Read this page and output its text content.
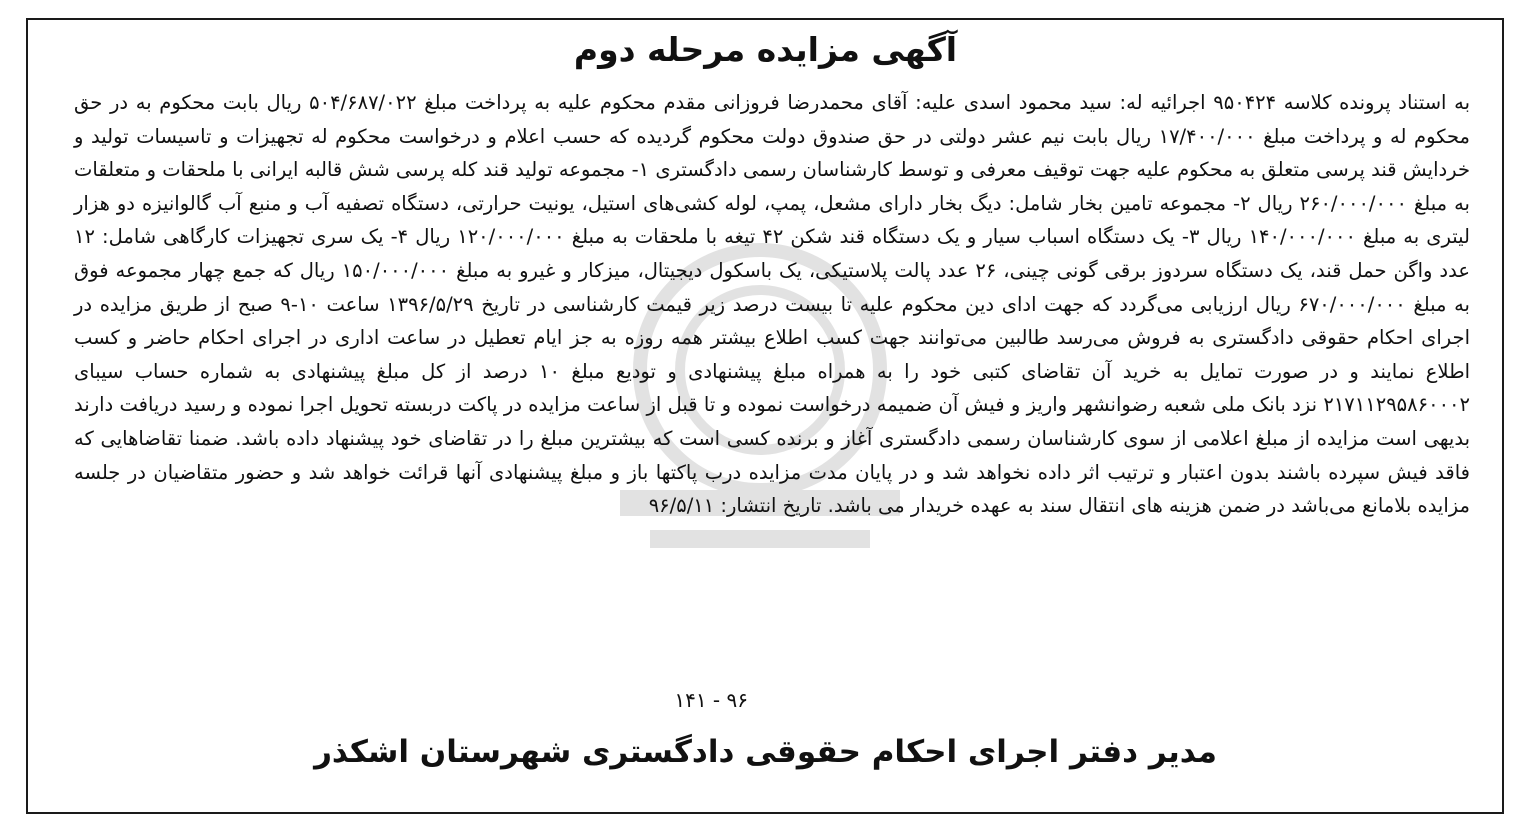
آگهی مزایده مرحله دوم

به استناد پرونده کلاسه ۹۵۰۴۲۴ اجرائیه له: سید محمود اسدی علیه: آقای محمدرضا فروزانی مقدم محکوم علیه به پرداخت مبلغ ۵۰۴/۶۸۷/۰۲۲ ریال بابت محکوم به در حق محکوم له و پرداخت مبلغ ۱۷/۴۰۰/۰۰۰ ریال بابت نیم عشر دولتی در حق صندوق دولت محکوم گردیده که حسب اعلام و درخواست محکوم له تجهیزات و تاسیسات تولید و خردایش قند پرسی متعلق به محکوم علیه جهت توقیف معرفی و توسط کارشناسان رسمی دادگستری ۱- مجموعه تولید قند کله پرسی شش قالبه ایرانی با ملحقات و متعلقات به مبلغ ۲۶۰/۰۰۰/۰۰۰ ریال ۲- مجموعه تامین بخار شامل: دیگ بخار دارای مشعل، پمپ، لوله کشی‌های استیل، یونیت حرارتی، دستگاه تصفیه آب و منبع آب گالوانیزه دو هزار لیتری به مبلغ ۱۴۰/۰۰۰/۰۰۰ ریال ۳- یک دستگاه اسباب سیار و یک دستگاه قند شکن ۴۲ تیغه با ملحقات به مبلغ ۱۲۰/۰۰۰/۰۰۰ ریال ۴- یک سری تجهیزات کارگاهی شامل: ۱۲ عدد واگن حمل قند، یک دستگاه سردوز برقی گونی چینی، ۲۶ عدد پالت پلاستیکی، یک باسکول دیجیتال، میزکار و غیرو به مبلغ ۱۵۰/۰۰۰/۰۰۰ ریال که جمع چهار مجموعه فوق به مبلغ ۶۷۰/۰۰۰/۰۰۰ ریال ارزیابی می‌گردد که جهت ادای دین محکوم علیه تا بیست درصد زیر قیمت کارشناسی در تاریخ ۱۳۹۶/۵/۲۹ ساعت ۱۰-۹ صبح از طریق مزایده در اجرای احکام حقوقی دادگستری به فروش می‌رسد طالبین می‌توانند جهت کسب اطلاع بیشتر همه روزه به جز ایام تعطیل در ساعت اداری در اجرای احکام حاضر و کسب اطلاع نمایند و در صورت تمایل به خرید آن تقاضای کتبی خود را به همراه مبلغ پیشنهادی و تودیع مبلغ ۱۰ درصد از کل مبلغ پیشنهادی به شماره حساب سیبای ۲۱۷۱۱۲۹۵۸۶۰۰۰۲ نزد بانک ملی شعبه رضوانشهر واریز و فیش آن ضمیمه درخواست نموده و تا قبل از ساعت مزایده در پاکت دربسته تحویل اجرا نموده و رسید دریافت دارند بدیهی است مزایده از مبلغ اعلامی از سوی کارشناسان رسمی دادگستری آغاز و برنده کسی است که بیشترین مبلغ را در تقاضای خود پیشنهاد داده باشد. ضمنا تقاضاهایی که فاقد فیش سپرده باشند بدون اعتبار و ترتیب اثر داده نخواهد شد و در پایان مدت مزایده درب پاکتها باز و مبلغ پیشنهادی آنها قرائت خواهد شد و حضور متقاضیان در جلسه مزایده بلامانع می‌باشد در ضمن هزینه های انتقال سند به عهده خریدار می باشد. تاریخ انتشار: ۹۶/۵/۱۱

۹۶ - ۱۴۱

مدیر دفتر اجرای احکام حقوقی دادگستری شهرستان اشکذر
